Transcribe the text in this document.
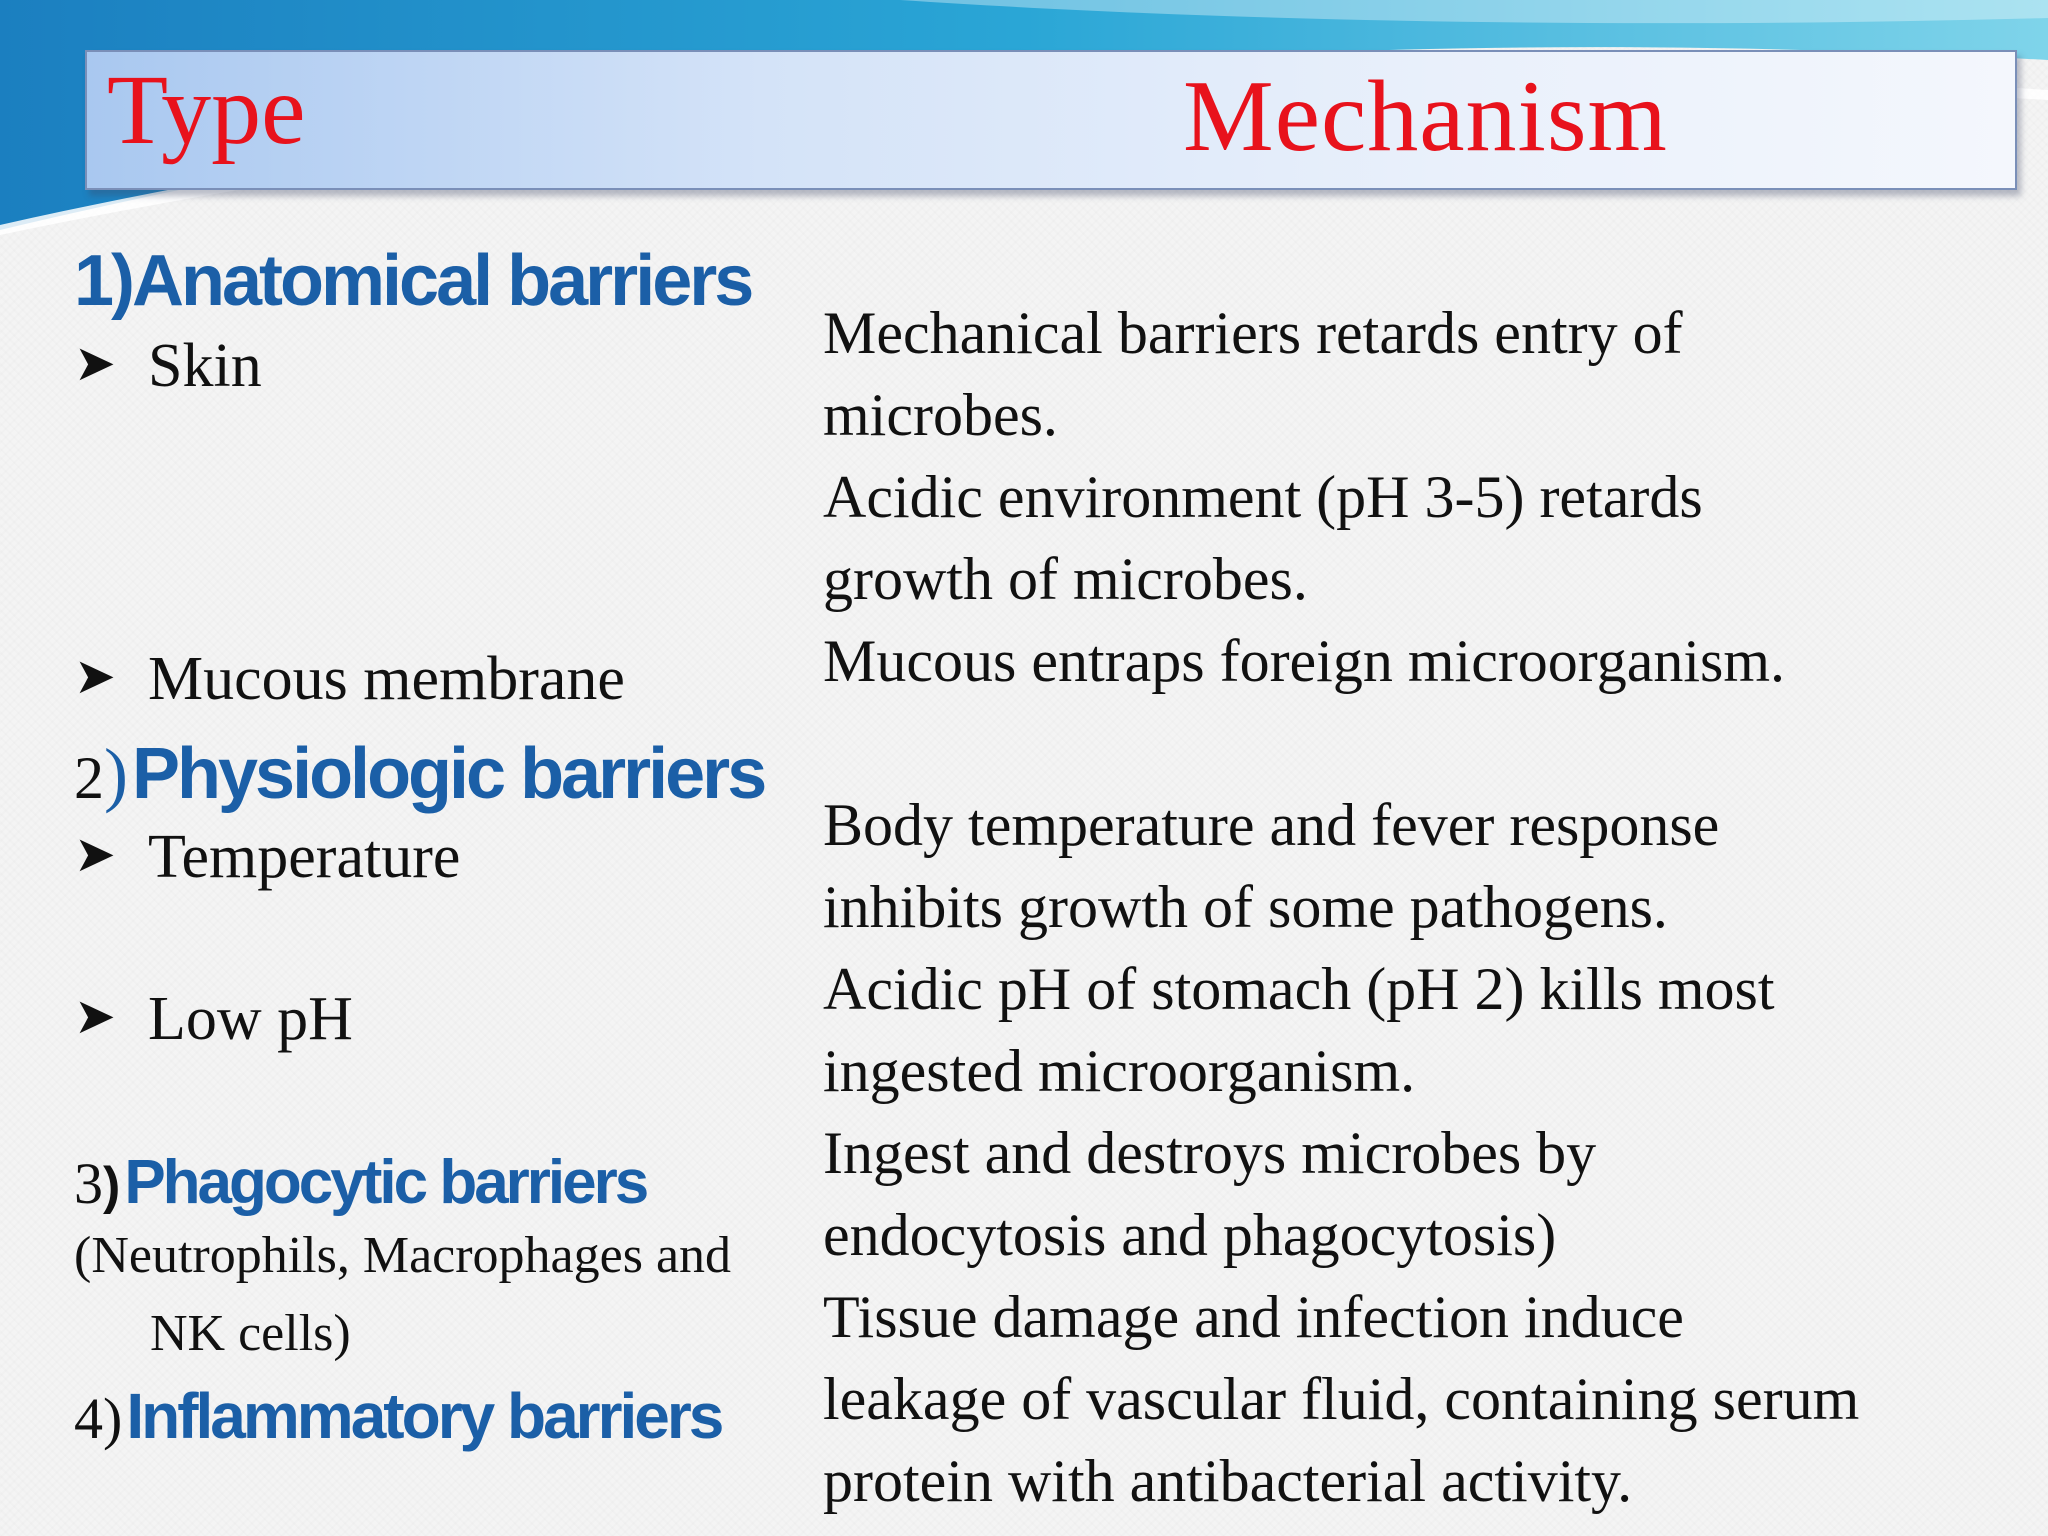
Type	Mechanism
1)Anatomical barriers
➤ Skin
➤ Mucous membrane
2) Physiologic barriers
➤ Temperature
➤ Low pH
3) Phagocytic barriers
(Neutrophils, Macrophages and
NK cells)
4) Inflammatory barriers
Mechanical barriers retards entry of
microbes.
Acidic environment (pH 3-5) retards
growth of microbes.
Mucous entraps foreign microorganism.
Body temperature and fever response
inhibits growth of some pathogens.
Acidic pH of stomach (pH 2) kills most
ingested microorganism.
Ingest and destroys microbes by
endocytosis and phagocytosis)
Tissue damage and infection induce
leakage of vascular fluid, containing serum
protein with antibacterial activity.
